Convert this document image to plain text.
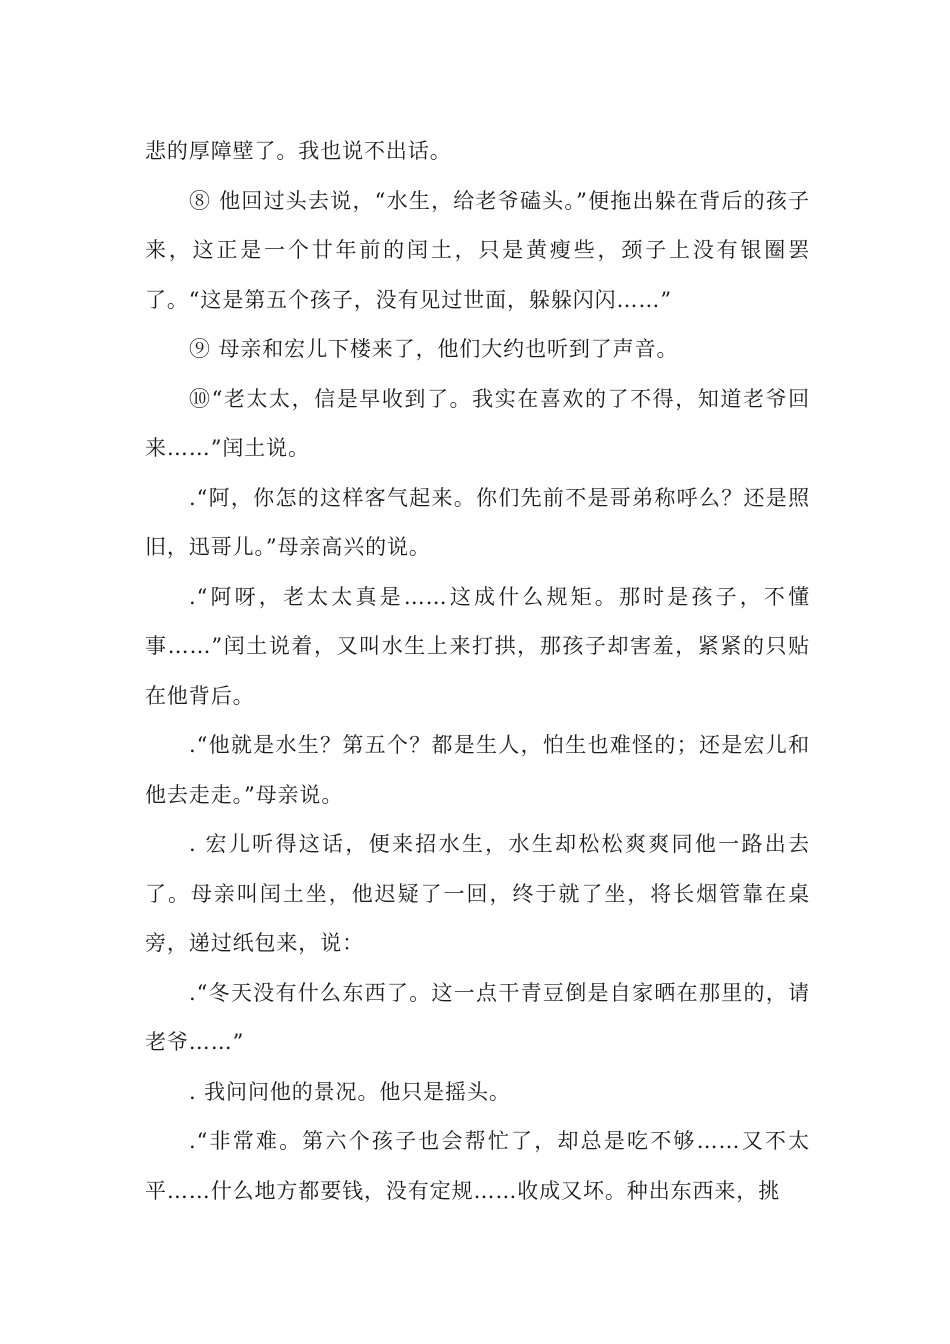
悲的厚障壁了。我也说不出话。

⑧ 他回过头去说，“水生，给老爷磕头。”便拖出躲在背后的孩子来，这正是一个廿年前的闰土，只是黄瘦些，颈子上没有银圈罢了。“这是第五个孩子，没有见过世面，躲躲闪闪……”

⑨ 母亲和宏儿下楼来了，他们大约也听到了声音。

⑩“老太太，信是早收到了。我实在喜欢的了不得，知道老爷回来……”闰土说。

.“阿，你怎的这样客气起来。你们先前不是哥弟称呼么？还是照旧，迅哥儿。”母亲高兴的说。

.“阿呀，老太太真是……这成什么规矩。那时是孩子，不懂事……”闰土说着，又叫水生上来打拱，那孩子却害羞，紧紧的只贴在他背后。

.“他就是水生？第五个？都是生人，怕生也难怪的；还是宏儿和他去走走。”母亲说。

. 宏儿听得这话，便来招水生，水生却松松爽爽同他一路出去了。母亲叫闰土坐，他迟疑了一回，终于就了坐，将长烟管靠在桌旁，递过纸包来，说：

.“冬天没有什么东西了。这一点干青豆倒是自家晒在那里的，请老爷……”

. 我问问他的景况。他只是摇头。

.“非常难。第六个孩子也会帮忙了，却总是吃不够……又不太平……什么地方都要钱，没有定规……收成又坏。种出东西来，挑
